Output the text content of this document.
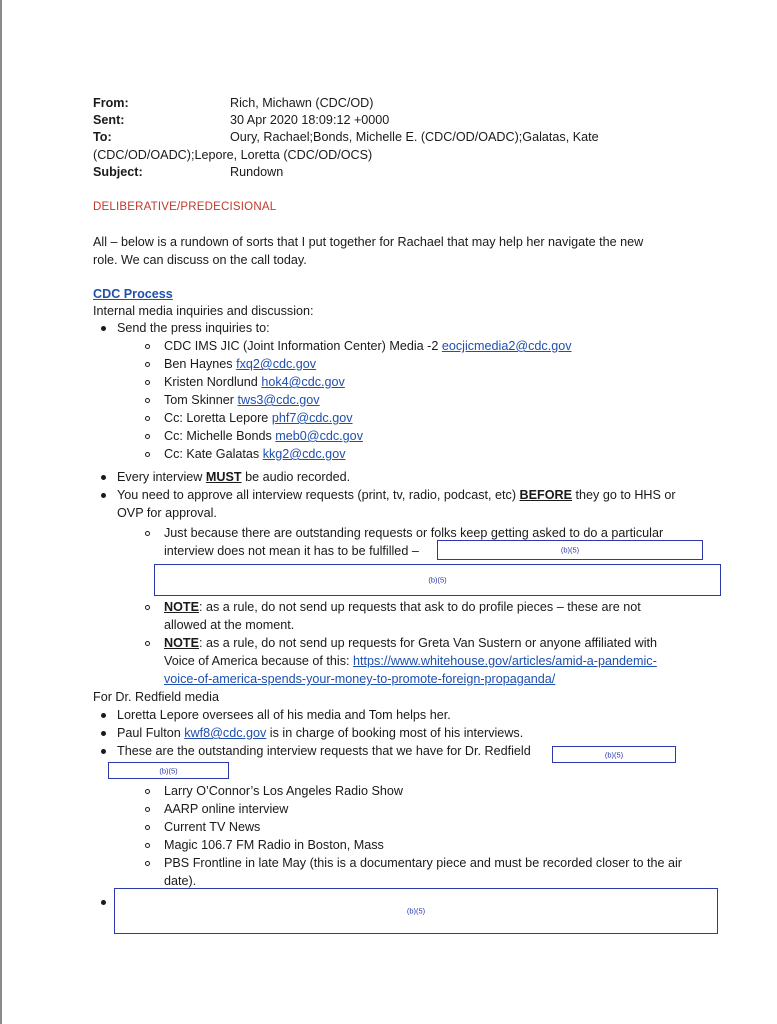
From:	Rich, Michawn (CDC/OD)
Sent:	30 Apr 2020 18:09:12 +0000
To:	Oury, Rachael;Bonds, Michelle E. (CDC/OD/OADC);Galatas, Kate
(CDC/OD/OADC);Lepore, Loretta (CDC/OD/OCS)
Subject:	Rundown
DELIBERATIVE/PREDECISIONAL
All – below is a rundown of sorts that I put together for Rachael that may help her navigate the new
role. We can discuss on the call today.
CDC Process
Internal media inquiries and discussion:
Send the press inquiries to:
CDC IMS JIC (Joint Information Center) Media -2 eocjicmedia2@cdc.gov
Ben Haynes fxq2@cdc.gov
Kristen Nordlund hok4@cdc.gov
Tom Skinner tws3@cdc.gov
Cc: Loretta Lepore phf7@cdc.gov
Cc: Michelle Bonds meb0@cdc.gov
Cc: Kate Galatas kkg2@cdc.gov
Every interview MUST be audio recorded.
You need to approve all interview requests (print, tv, radio, podcast, etc) BEFORE they go to HHS or
OVP for approval.
Just because there are outstanding requests or folks keep getting asked to do a particular
interview does not mean it has to be fulfilled –	(b)(5)
(b)(5)
NOTE: as a rule, do not send up requests that ask to do profile pieces – these are not
allowed at the moment.
NOTE: as a rule, do not send up requests for Greta Van Sustern or anyone affiliated with
Voice of America because of this: https://www.whitehouse.gov/articles/amid-a-pandemic-
voice-of-america-spends-your-money-to-promote-foreign-propaganda/
For Dr. Redfield media
Loretta Lepore oversees all of his media and Tom helps her.
Paul Fulton kwf8@cdc.gov is in charge of booking most of his interviews.
These are the outstanding interview requests that we have for Dr. Redfield	(b)(5)
(b)(5)
Larry O’Connor’s Los Angeles Radio Show
AARP online interview
Current TV News
Magic 106.7 FM Radio in Boston, Mass
PBS Frontline in late May (this is a documentary piece and must be recorded closer to the air
date).
(b)(5)
